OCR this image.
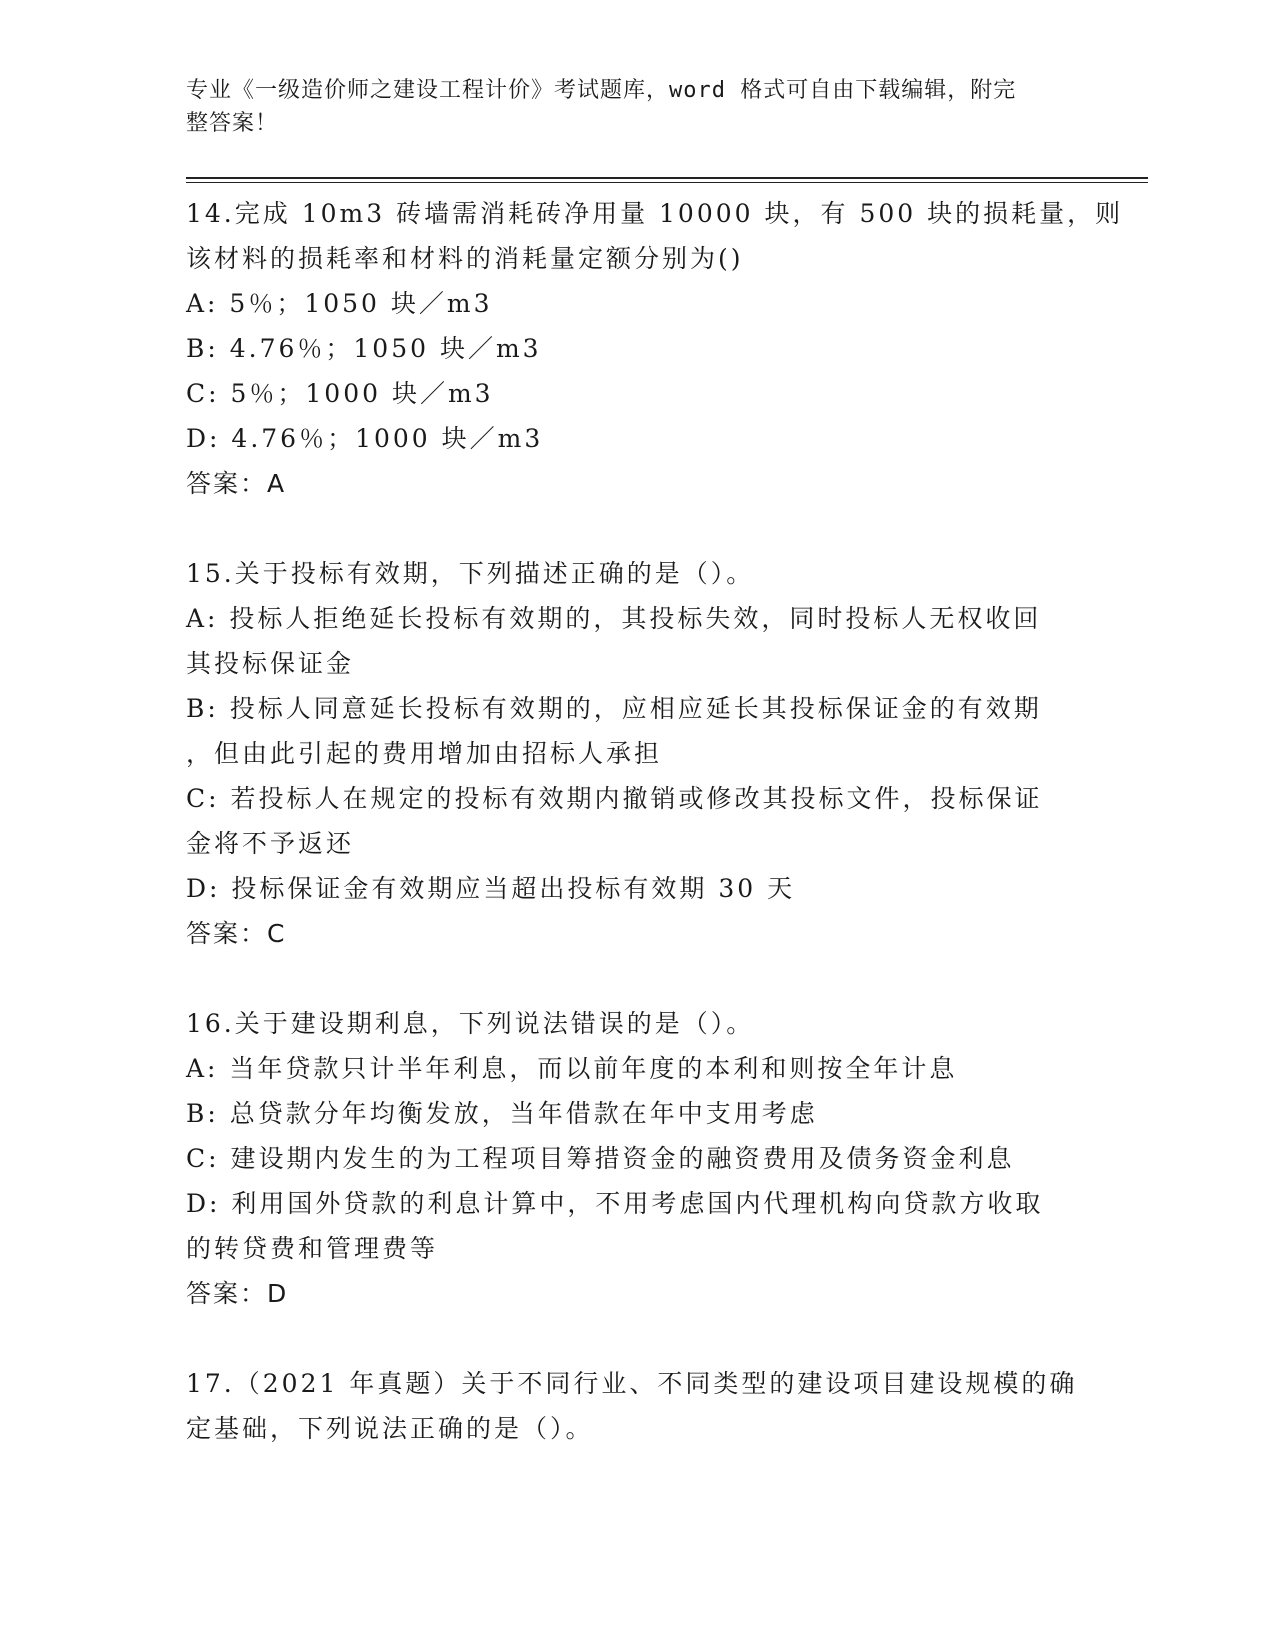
专业《一级造价师之建设工程计价》考试题库，word 格式可自由下载编辑，附完
整答案！
14.完成 10m3 砖墙需消耗砖净用量 10000 块，有 500 块的损耗量，则
该材料的损耗率和材料的消耗量定额分别为()
A: 5％；1050 块／m3
B: 4.76％；1050 块／m3
C: 5％；1000 块／m3
D: 4.76％；1000 块／m3
答案：A
15.关于投标有效期，下列描述正确的是（）。
A: 投标人拒绝延长投标有效期的，其投标失效，同时投标人无权收回
其投标保证金
B: 投标人同意延长投标有效期的，应相应延长其投标保证金的有效期
，但由此引起的费用增加由招标人承担
C: 若投标人在规定的投标有效期内撤销或修改其投标文件，投标保证
金将不予返还
D: 投标保证金有效期应当超出投标有效期 30 天
答案：C
16.关于建设期利息，下列说法错误的是（）。
A: 当年贷款只计半年利息，而以前年度的本利和则按全年计息
B: 总贷款分年均衡发放，当年借款在年中支用考虑
C: 建设期内发生的为工程项目筹措资金的融资费用及债务资金利息
D: 利用国外贷款的利息计算中，不用考虑国内代理机构向贷款方收取
的转贷费和管理费等
答案：D
17.（2021 年真题）关于不同行业、不同类型的建设项目建设规模的确
定基础，下列说法正确的是（）。
